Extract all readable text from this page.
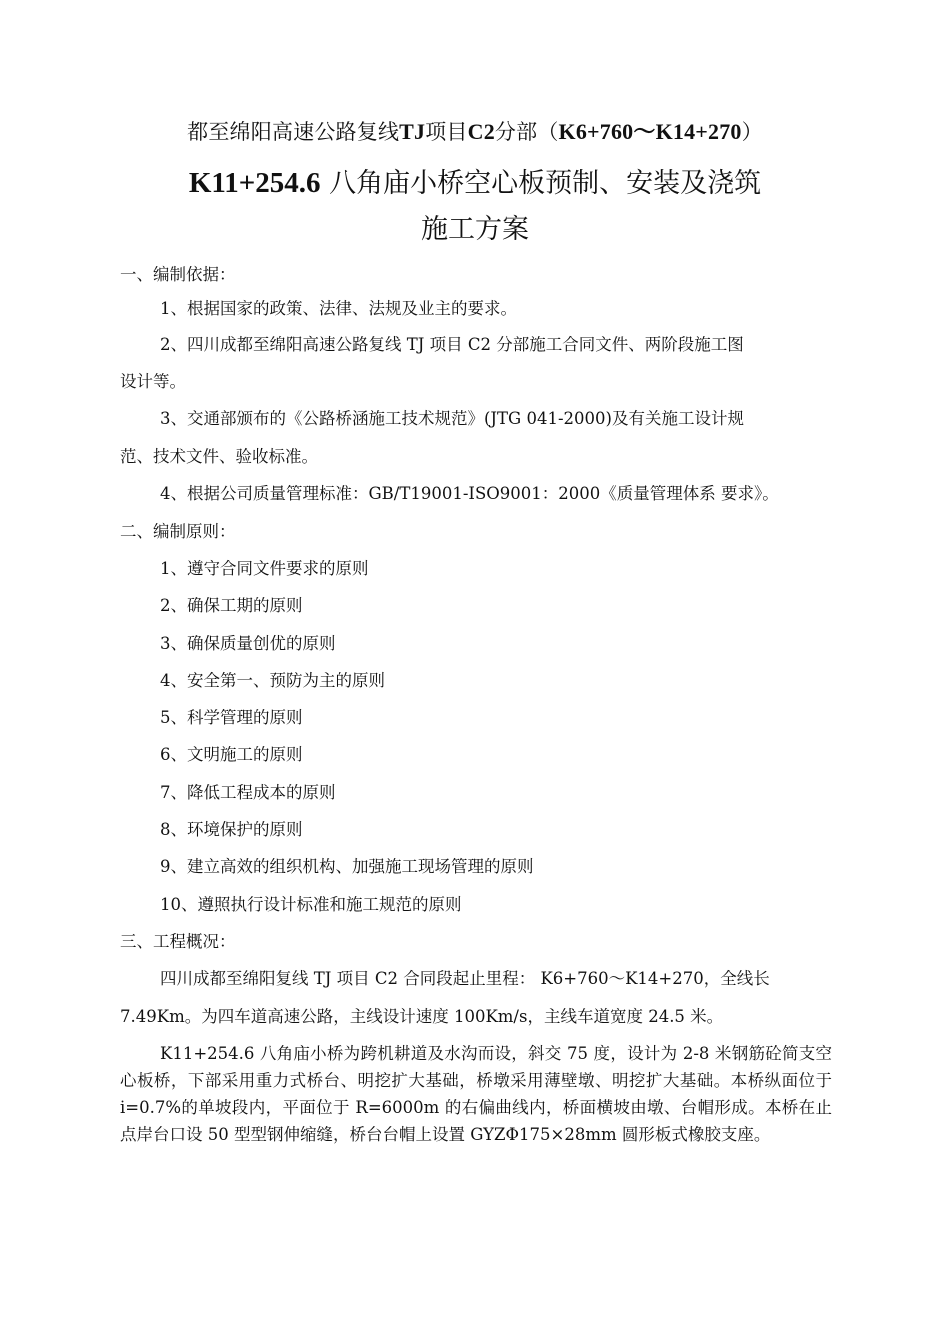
都至绵阳高速公路复线TJ项目C2分部（K6+760～K14+270）
K11+254.6 八角庙小桥空心板预制、安装及浇筑
施工方案
一、编制依据：
1、根据国家的政策、法律、法规及业主的要求。
2、四川成都至绵阳高速公路复线 TJ 项目 C2 分部施工合同文件、两阶段施工图
设计等。
3、交通部颁布的《公路桥涵施工技术规范》(JTG 041-2000)及有关施工设计规
范、技术文件、验收标准。
4、根据公司质量管理标准：GB/T19001-ISO9001：2000《质量管理体系 要求》。
二、编制原则：
1、遵守合同文件要求的原则
2、确保工期的原则
3、确保质量创优的原则
4、安全第一、预防为主的原则
5、科学管理的原则
6、文明施工的原则
7、降低工程成本的原则
8、环境保护的原则
9、建立高效的组织机构、加强施工现场管理的原则
10、遵照执行设计标准和施工规范的原则
三、工程概况：
四川成都至绵阳复线 TJ 项目 C2 合同段起止里程： K6+760～K14+270，全线长
7.49Km。为四车道高速公路，主线设计速度 100Km/s，主线车道宽度 24.5 米。
K11+254.6 八角庙小桥为跨机耕道及水沟而设，斜交 75 度，设计为 2-8 米钢筋砼简支空心板桥，下部采用重力式桥台、明挖扩大基础，桥墩采用薄壁墩、明挖扩大基础。本桥纵面位于 i=0.7%的单坡段内，平面位于 R=6000m 的右偏曲线内，桥面横坡由墩、台帽形成。本桥在止点岸台口设 50 型型钢伸缩缝，桥台台帽上设置 GYZΦ175×28mm 圆形板式橡胶支座。
